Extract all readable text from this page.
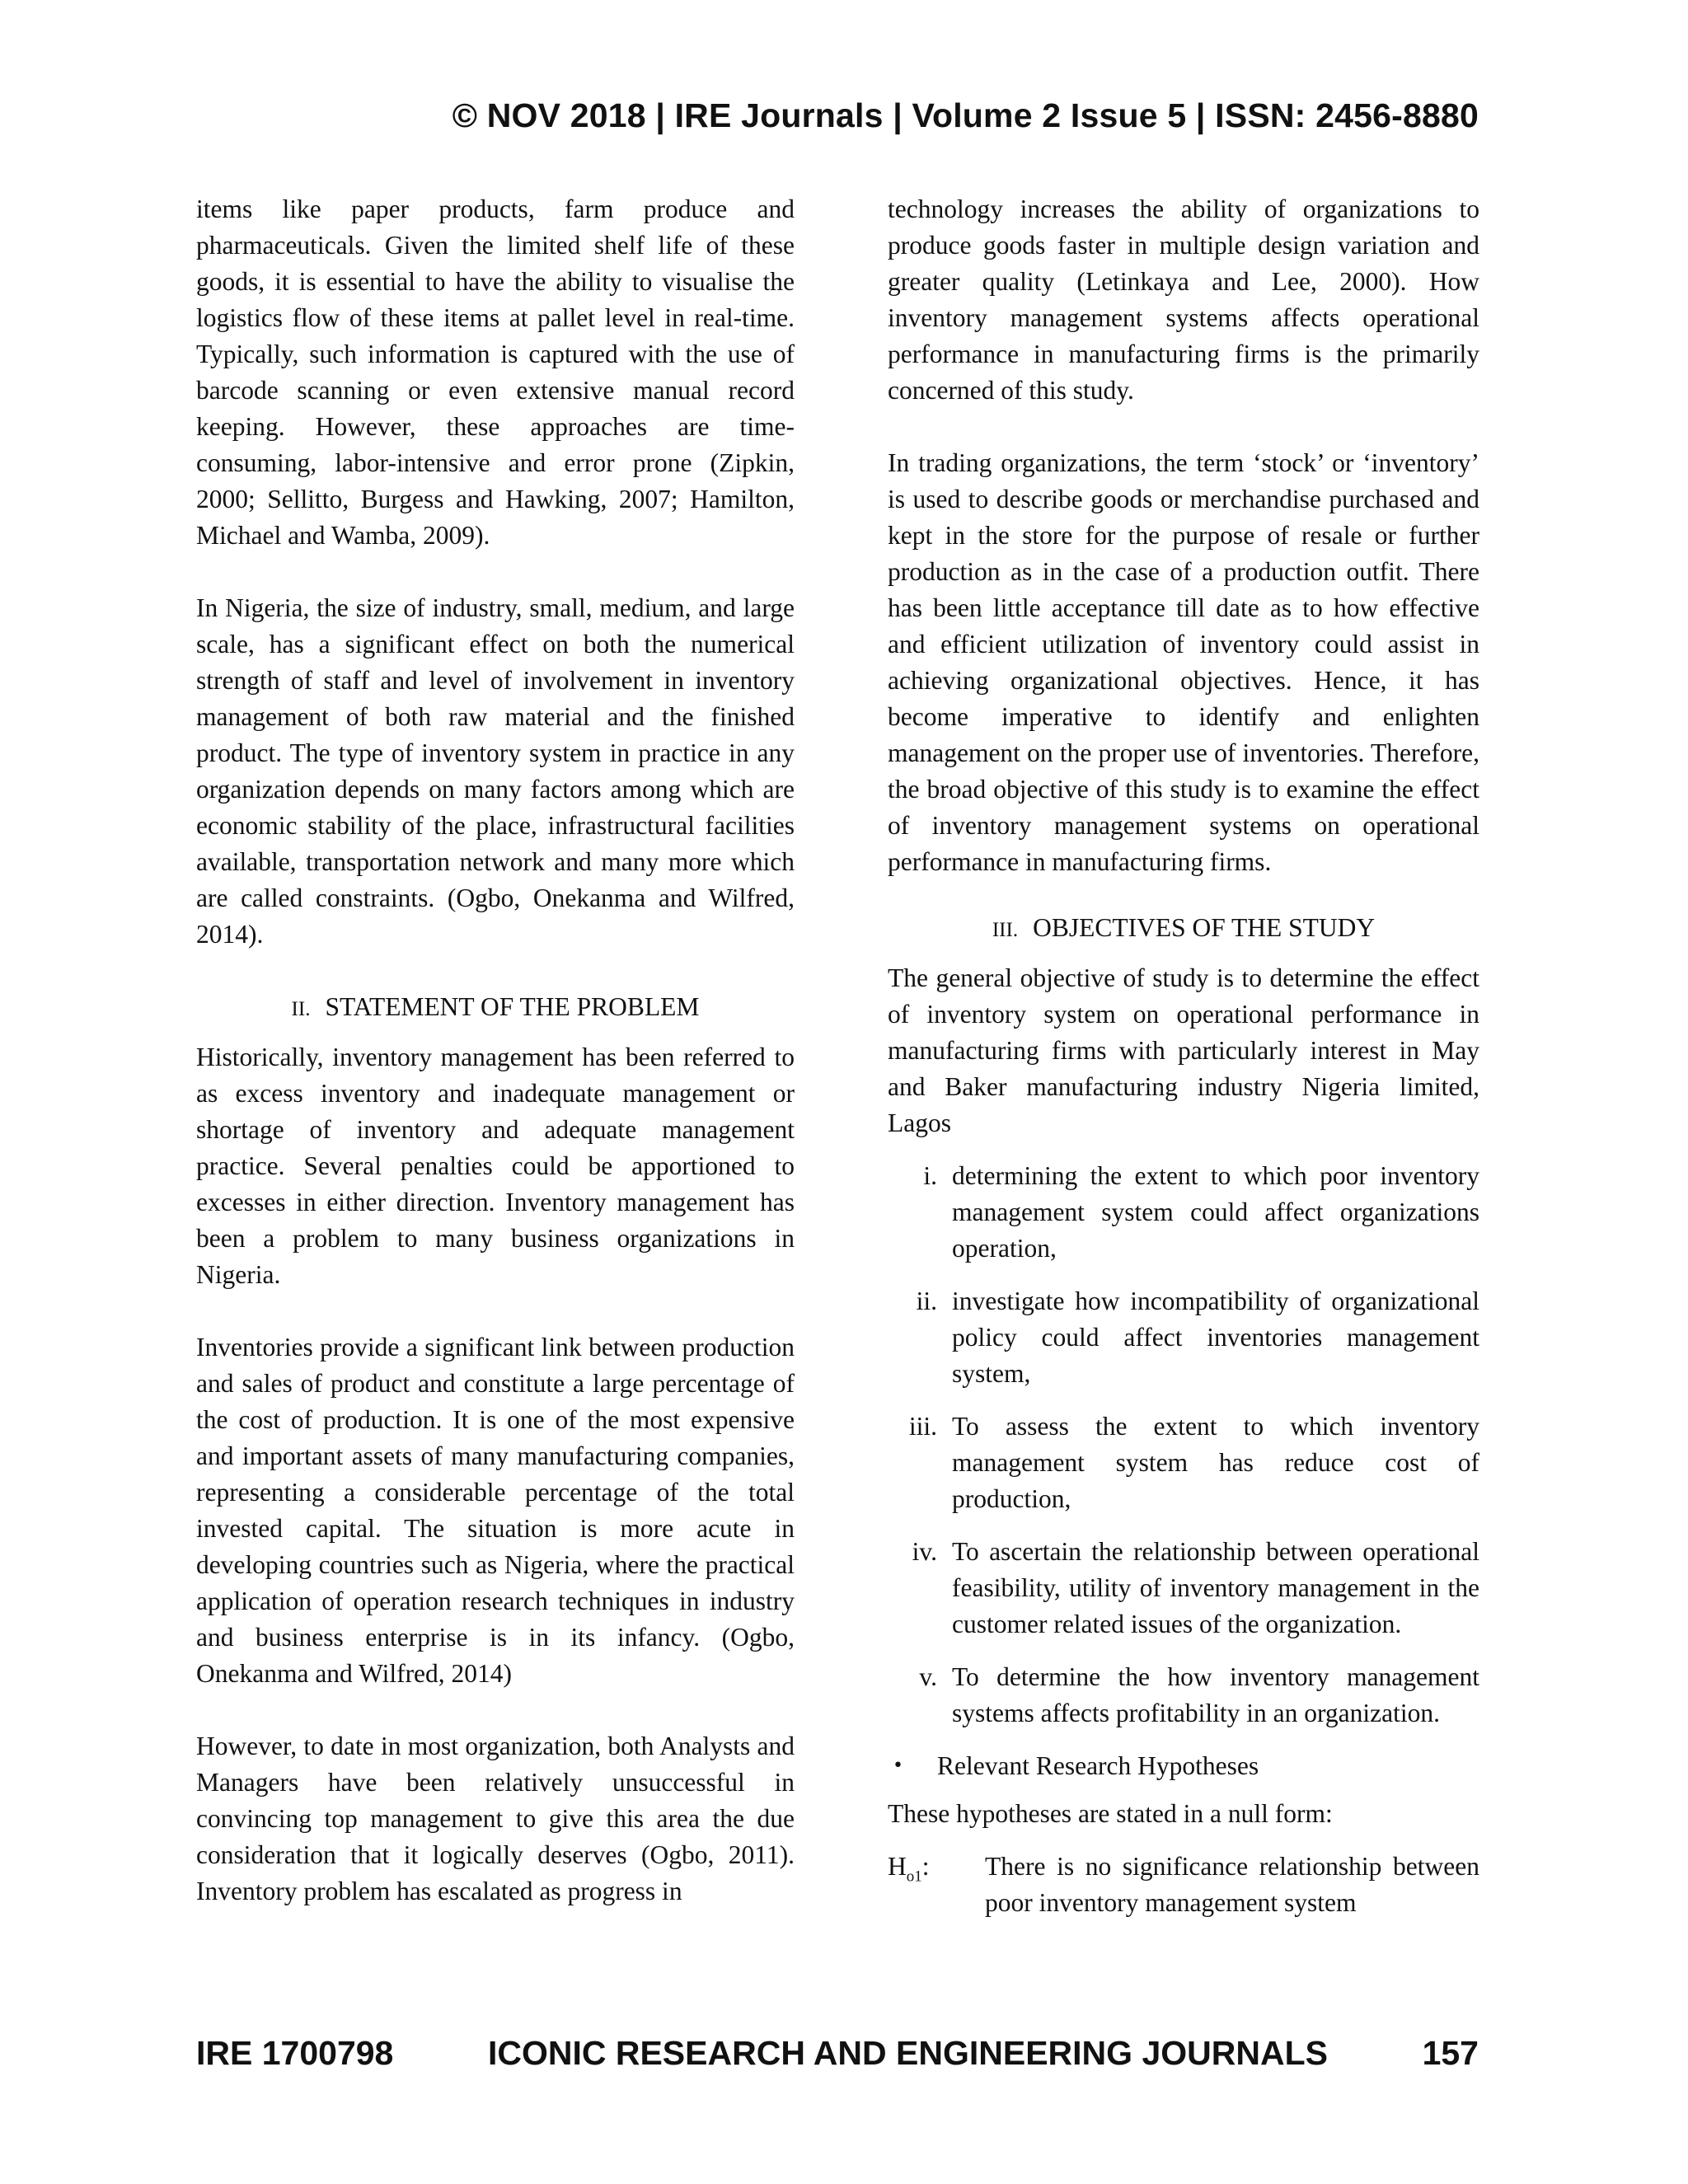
© NOV 2018 | IRE Journals | Volume 2 Issue 5 | ISSN: 2456-8880

items like paper products, farm produce and pharmaceuticals. Given the limited shelf life of these goods, it is essential to have the ability to visualise the logistics flow of these items at pallet level in real-time. Typically, such information is captured with the use of barcode scanning or even extensive manual record keeping. However, these approaches are time-consuming, labor-intensive and error prone (Zipkin, 2000; Sellitto, Burgess and Hawking, 2007; Hamilton, Michael and Wamba, 2009).

In Nigeria, the size of industry, small, medium, and large scale, has a significant effect on both the numerical strength of staff and level of involvement in inventory management of both raw material and the finished product. The type of inventory system in practice in any organization depends on many factors among which are economic stability of the place, infrastructural facilities available, transportation network and many more which are called constraints. (Ogbo, Onekanma and Wilfred, 2014).

II. STATEMENT OF THE PROBLEM

Historically, inventory management has been referred to as excess inventory and inadequate management or shortage of inventory and adequate management practice. Several penalties could be apportioned to excesses in either direction. Inventory management has been a problem to many business organizations in Nigeria.

Inventories provide a significant link between production and sales of product and constitute a large percentage of the cost of production. It is one of the most expensive and important assets of many manufacturing companies, representing a considerable percentage of the total invested capital. The situation is more acute in developing countries such as Nigeria, where the practical application of operation research techniques in industry and business enterprise is in its infancy. (Ogbo, Onekanma and Wilfred, 2014)

However, to date in most organization, both Analysts and Managers have been relatively unsuccessful in convincing top management to give this area the due consideration that it logically deserves (Ogbo, 2011). Inventory problem has escalated as progress in

technology increases the ability of organizations to produce goods faster in multiple design variation and greater quality (Letinkaya and Lee, 2000). How inventory management systems affects operational performance in manufacturing firms is the primarily concerned of this study.

In trading organizations, the term ‘stock’ or ‘inventory’ is used to describe goods or merchandise purchased and kept in the store for the purpose of resale or further production as in the case of a production outfit. There has been little acceptance till date as to how effective and efficient utilization of inventory could assist in achieving organizational objectives. Hence, it has become imperative to identify and enlighten management on the proper use of inventories. Therefore, the broad objective of this study is to examine the effect of inventory management systems on operational performance in manufacturing firms.

III. OBJECTIVES OF THE STUDY

The general objective of study is to determine the effect of inventory system on operational performance in manufacturing firms with particularly interest in May and Baker manufacturing industry Nigeria limited, Lagos

i. determining the extent to which poor inventory management system could affect organizations operation,
ii. investigate how incompatibility of organizational policy could affect inventories management system,
iii. To assess the extent to which inventory management system has reduce cost of production,
iv. To ascertain the relationship between operational feasibility, utility of inventory management in the customer related issues of the organization.
v. To determine the how inventory management systems affects profitability in an organization.
•	Relevant Research Hypotheses

These hypotheses are stated in a null form:

$H_{o1}$:	There is no significance relationship between poor inventory management system
IRE 1700798	ICONIC RESEARCH AND ENGINEERING JOURNALS	157
